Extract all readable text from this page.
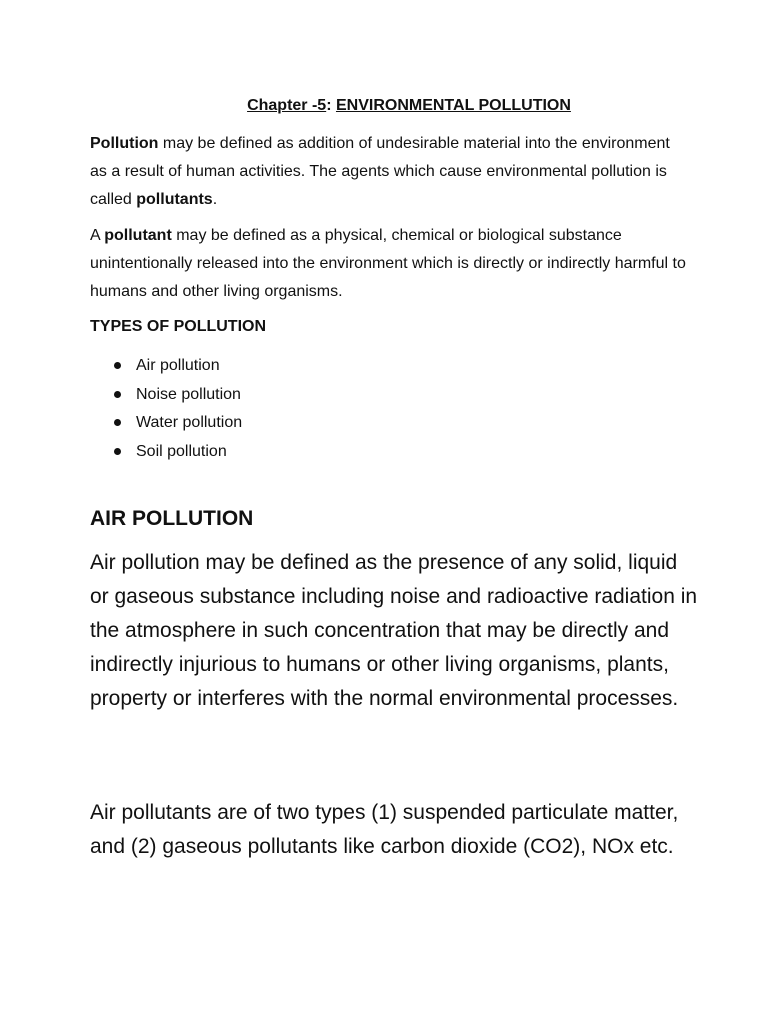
Chapter -5: ENVIRONMENTAL POLLUTION
Pollution may be defined as addition of undesirable material into the environment as a result of human activities. The agents which cause environmental pollution is called pollutants.
A pollutant may be defined as a physical, chemical or biological substance unintentionally released into the environment which is directly or indirectly harmful to humans and other living organisms.
TYPES OF POLLUTION
Air pollution
Noise pollution
Water pollution
Soil pollution
AIR POLLUTION
Air pollution may be defined as the presence of any solid, liquid or gaseous substance including noise and radioactive radiation in the atmosphere in such concentration that may be directly and indirectly injurious to humans or other living organisms, plants, property or interferes with the normal environmental processes.
Air pollutants are of two types (1) suspended particulate matter, and (2) gaseous pollutants like carbon dioxide (CO2), NOx etc.
